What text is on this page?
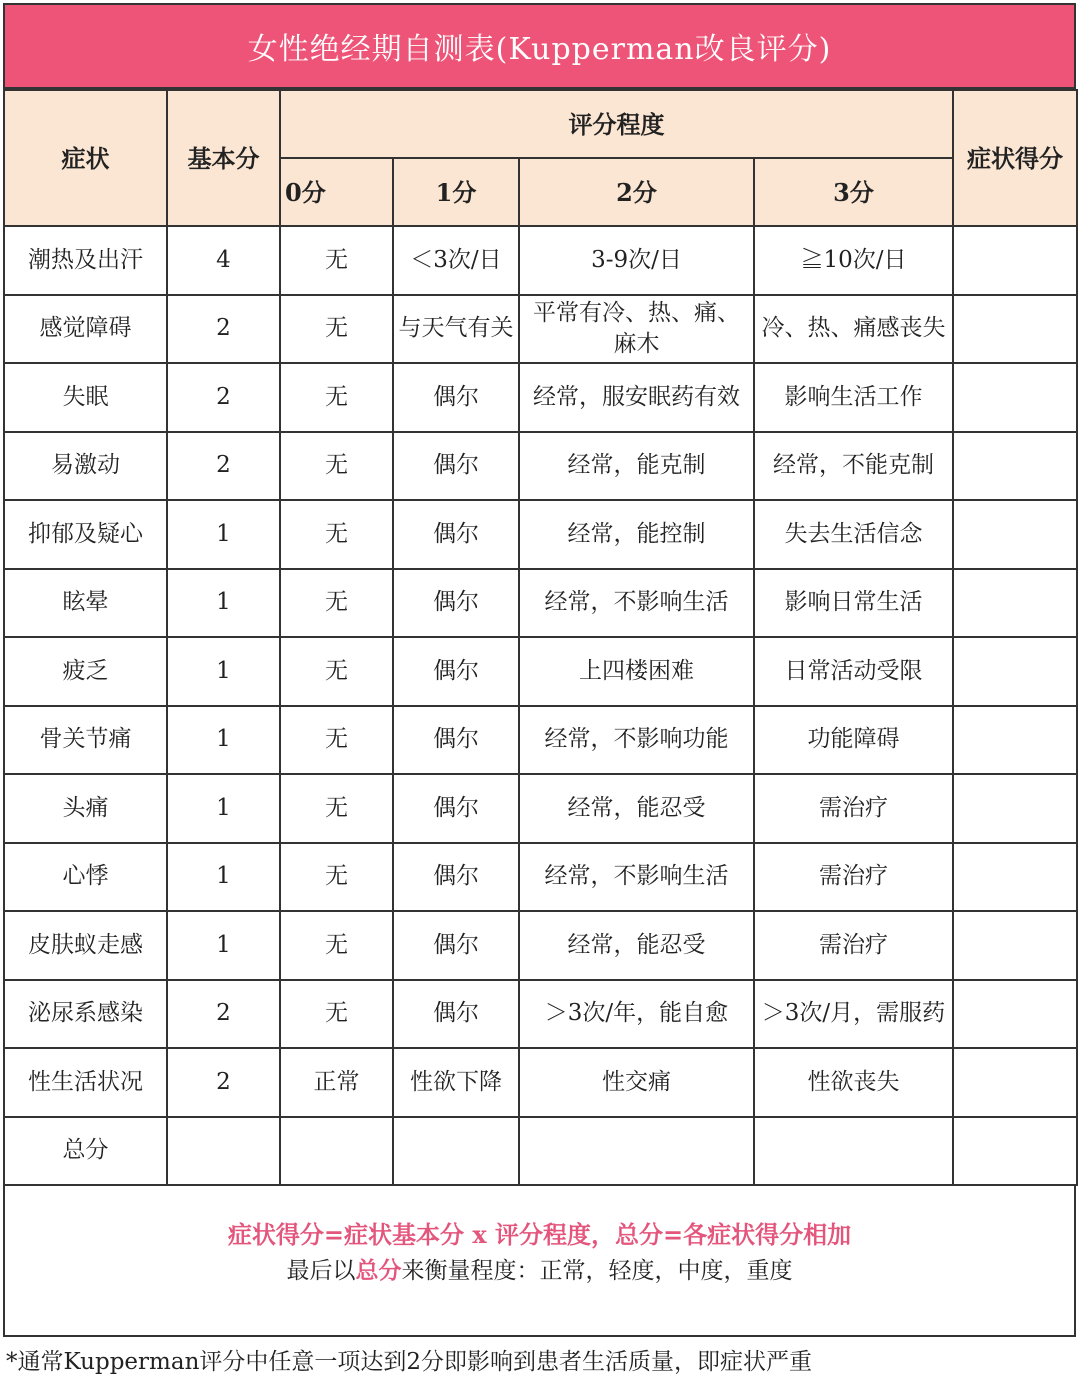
女性绝经期自测表(Kupperman改良评分)
症状	基本分	评分程度				症状得分
		0分	1分	2分	3分	
潮热及出汗	4	无	＜3次/日	3-9次/日	≧10次/日	
感觉障碍	2	无	与天气有关	平常有冷、热、痛、麻木	冷、热、痛感丧失	
失眠	2	无	偶尔	经常，服安眠药有效	影响生活工作	
易激动	2	无	偶尔	经常，能克制	经常，不能克制	
抑郁及疑心	1	无	偶尔	经常，能控制	失去生活信念	
眩晕	1	无	偶尔	经常，不影响生活	影响日常生活	
疲乏	1	无	偶尔	上四楼困难	日常活动受限	
骨关节痛	1	无	偶尔	经常，不影响功能	功能障碍	
头痛	1	无	偶尔	经常，能忍受	需治疗	
心悸	1	无	偶尔	经常，不影响生活	需治疗	
皮肤蚁走感	1	无	偶尔	经常，能忍受	需治疗	
泌尿系感染	2	无	偶尔	＞3次/年，能自愈	＞3次/月，需服药	
性生活状况	2	正常	性欲下降	性交痛	性欲丧失	
总分						
症状得分=症状基本分 x 评分程度，总分=各症状得分相加
最后以总分来衡量程度：正常，轻度，中度，重度
*通常Kupperman评分中任意一项达到2分即影响到患者生活质量，即症状严重
